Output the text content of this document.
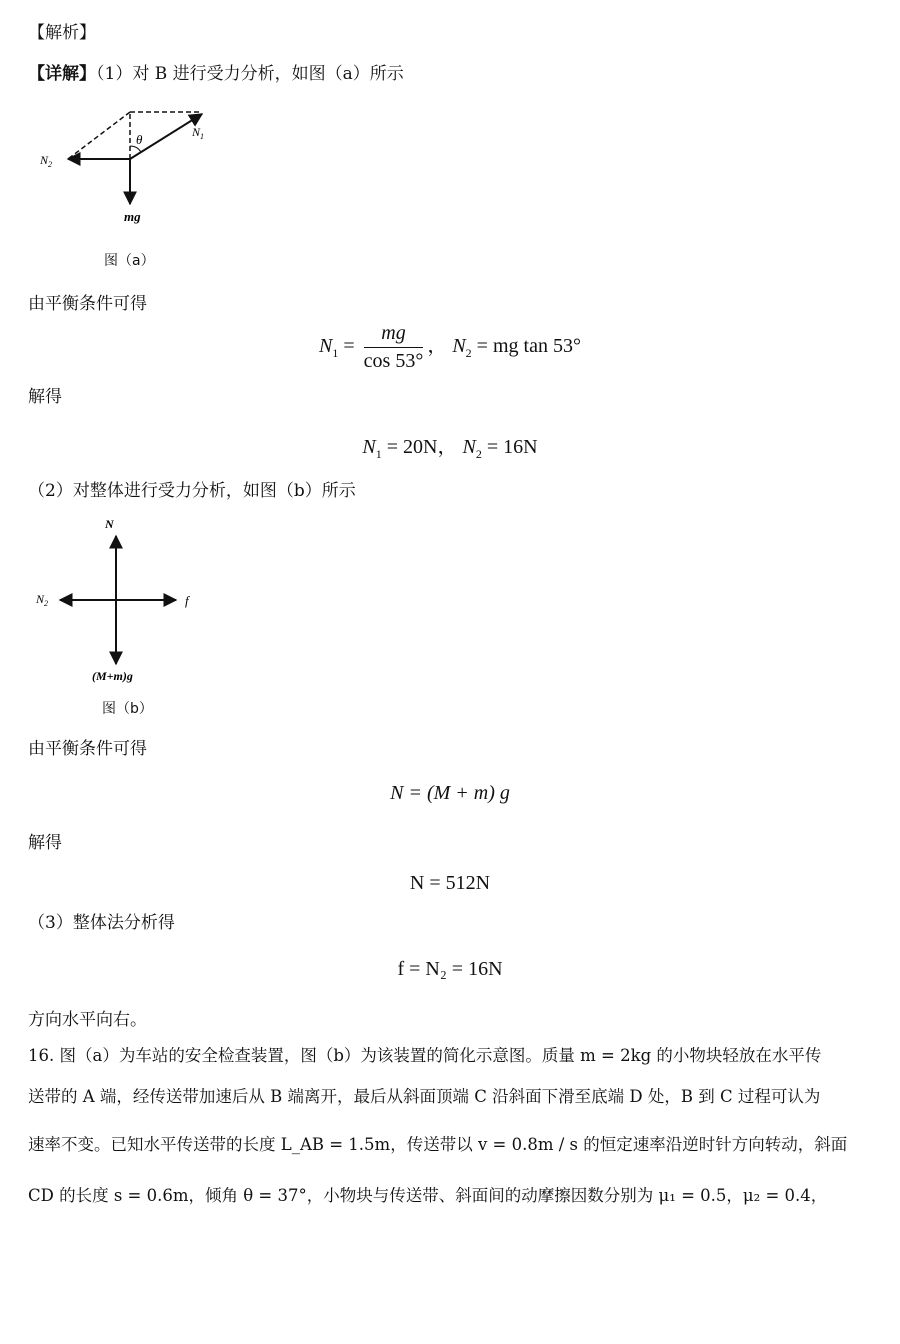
【解析】
【详解】（1）对 B 进行受力分析，如图（a）所示
θ	$N_1$
$N_2$
mg
图（a）
由平衡条件可得
$N_1 = \frac{mg}{\cos 53^\circ}$ ， $N_2$ = mg tan 53°
解得
$N_1 = 20N$， $N_2 = 16N$
（2）对整体进行受力分析，如图（b）所示
N
$N_2$	f
(M+m)g
图（b）
由平衡条件可得
N = (M + m) g
解得
N = 512N
（3）整体法分析得
f = N₂ = 16N
方向水平向右。
16. 图（a）为车站的安全检查装置，图（b）为该装置的简化示意图。质量 m = 2kg 的小物块轻放在水平传
送带的 A 端，经传送带加速后从 B 端离开，最后从斜面顶端 C 沿斜面下滑至底端 D 处，B 到 C 过程可认为
速率不变。已知水平传送带的长度 L_AB = 1.5m，传送带以 v = 0.8m / s 的恒定速率沿逆时针方向转动，斜面
CD 的长度 s = 0.6m，倾角 θ = 37°，小物块与传送带、斜面间的动摩擦因数分别为 μ₁ = 0.5，μ₂ = 0.4，
